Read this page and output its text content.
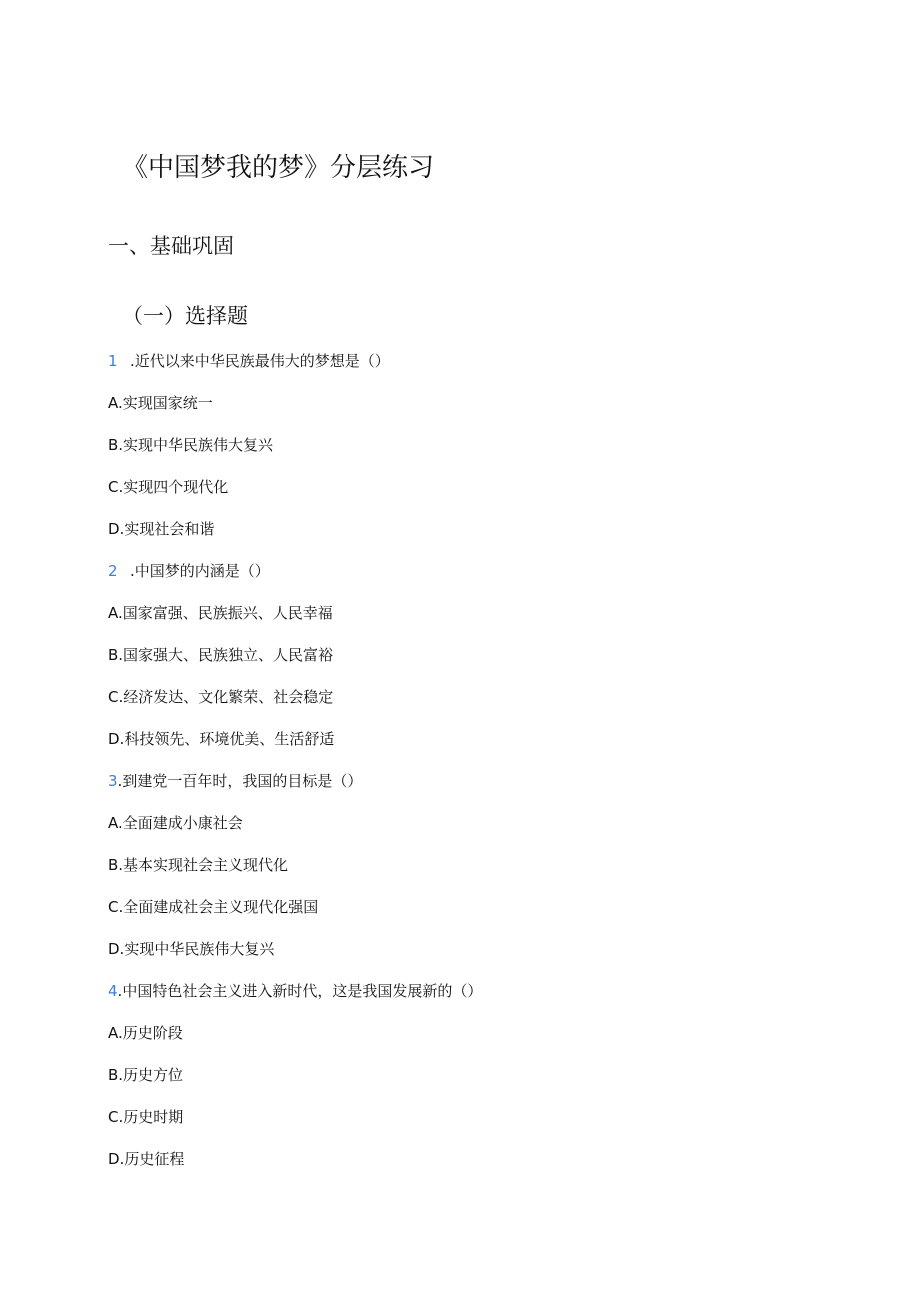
《中国梦我的梦》分层练习
一、基础巩固
（一）选择题
1 .近代以来中华民族最伟大的梦想是（）
A.实现国家统一
B.实现中华民族伟大复兴
C.实现四个现代化
D.实现社会和谐
2 .中国梦的内涵是（）
A.国家富强、民族振兴、人民幸福
B.国家强大、民族独立、人民富裕
C.经济发达、文化繁荣、社会稳定
D.科技领先、环境优美、生活舒适
3.到建党一百年时，我国的目标是（）
A.全面建成小康社会
B.基本实现社会主义现代化
C.全面建成社会主义现代化强国
D.实现中华民族伟大复兴
4.中国特色社会主义进入新时代，这是我国发展新的（）
A.历史阶段
B.历史方位
C.历史时期
D.历史征程
